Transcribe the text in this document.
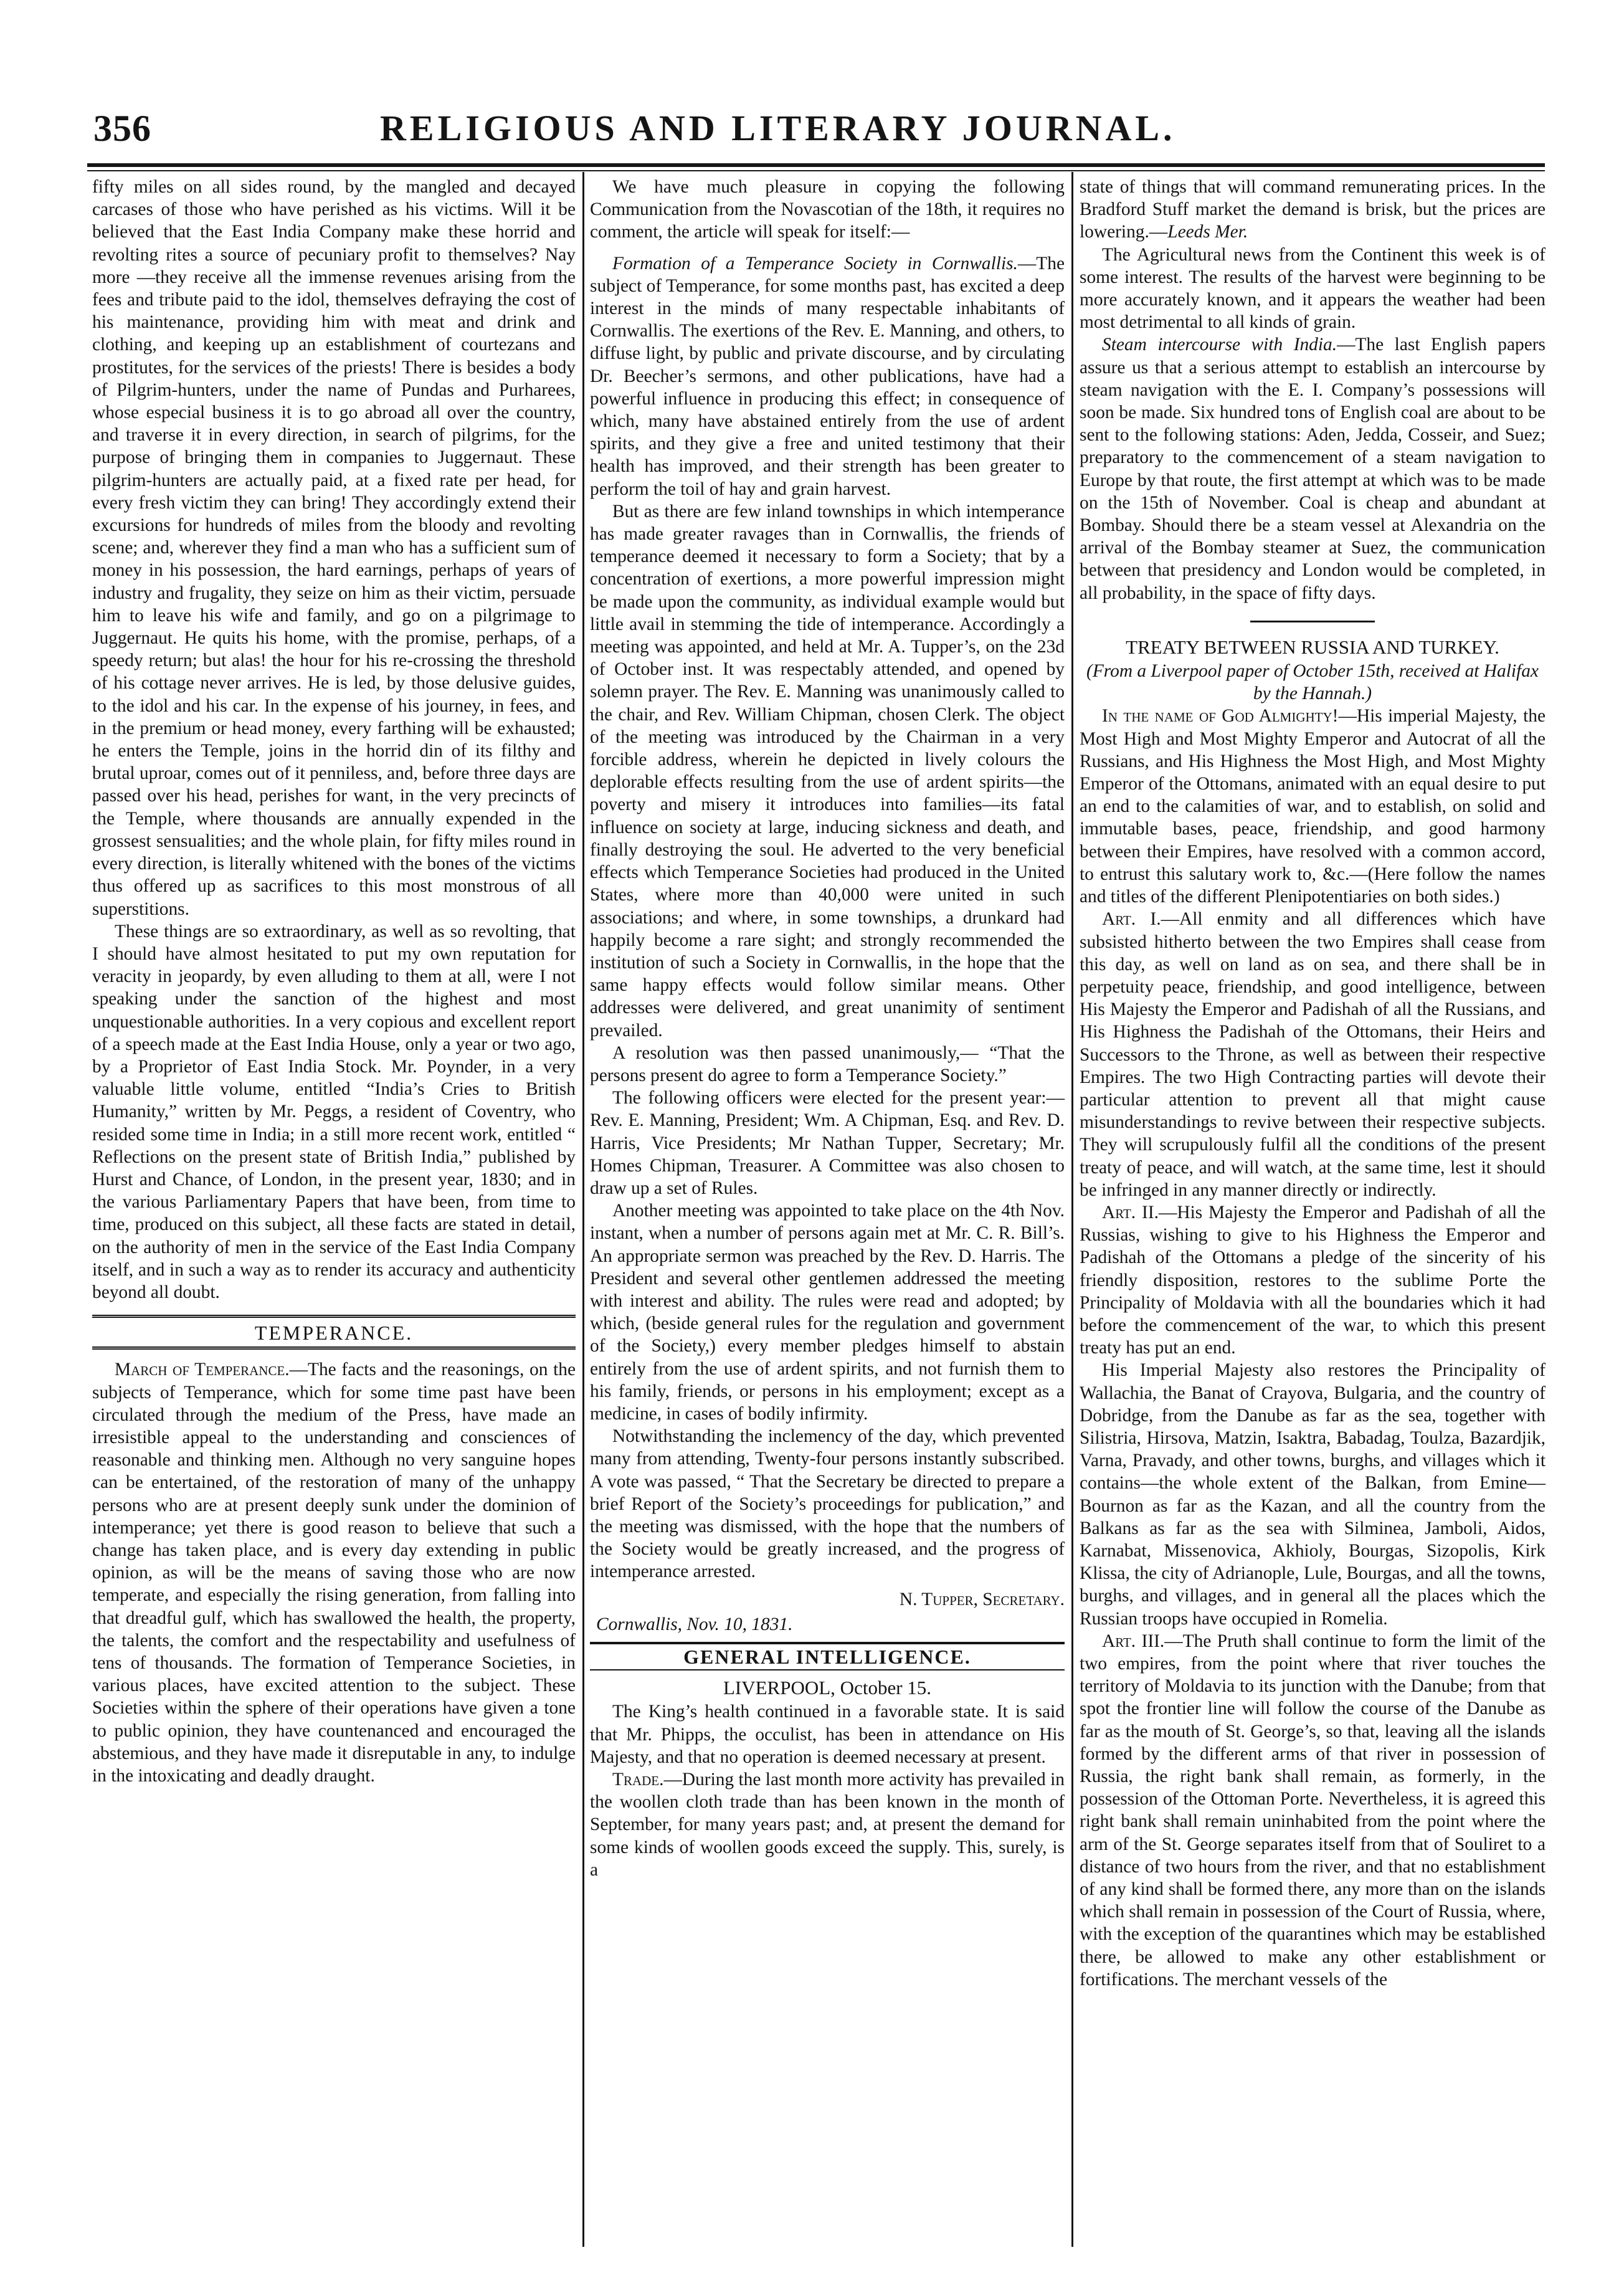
356	RELIGIOUS AND LITERARY JOURNAL.

fifty miles on all sides round, by the mangled and decayed carcases of those who have perished as his victims. Will it be believed that the East India Company make these horrid and revolting rites a source of pecuniary profit to themselves? Nay more —they receive all the immense revenues arising from the fees and tribute paid to the idol, themselves defraying the cost of his maintenance, providing him with meat and drink and clothing, and keeping up an establishment of courtezans and prostitutes, for the services of the priests! There is besides a body of Pilgrim-hunters, under the name of Pundas and Purharees, whose especial business it is to go abroad all over the country, and traverse it in every direction, in search of pilgrims, for the purpose of bringing them in companies to Juggernaut. These pilgrim-hunters are actually paid, at a fixed rate per head, for every fresh victim they can bring! They accordingly extend their excursions for hundreds of miles from the bloody and revolting scene; and, wherever they find a man who has a sufficient sum of money in his possession, the hard earnings, perhaps of years of industry and frugality, they seize on him as their victim, persuade him to leave his wife and family, and go on a pilgrimage to Juggernaut. He quits his home, with the promise, perhaps, of a speedy return; but alas! the hour for his re-crossing the threshold of his cottage never arrives. He is led, by those delusive guides, to the idol and his car. In the expense of his journey, in fees, and in the premium or head money, every farthing will be exhausted; he enters the Temple, joins in the horrid din of its filthy and brutal uproar, comes out of it penniless, and, before three days are passed over his head, perishes for want, in the very precincts of the Temple, where thousands are annually expended in the grossest sensualities; and the whole plain, for fifty miles round in every direction, is literally whitened with the bones of the victims thus offered up as sacrifices to this most monstrous of all superstitions.

These things are so extraordinary, as well as so revolting, that I should have almost hesitated to put my own reputation for veracity in jeopardy, by even alluding to them at all, were I not speaking under the sanction of the highest and most unquestionable authorities. In a very copious and excellent report of a speech made at the East India House, only a year or two ago, by a Proprietor of East India Stock. Mr. Poynder, in a very valuable little volume, entitled “India’s Cries to British Humanity,” written by Mr. Peggs, a resident of Coventry, who resided some time in India; in a still more recent work, entitled “ Reflections on the present state of British India,” published by Hurst and Chance, of London, in the present year, 1830; and in the various Parliamentary Papers that have been, from time to time, produced on this subject, all these facts are stated in detail, on the authority of men in the service of the East India Company itself, and in such a way as to render its accuracy and authenticity beyond all doubt.

TEMPERANCE.

March of Temperance.—The facts and the reasonings, on the subjects of Temperance, which for some time past have been circulated through the medium of the Press, have made an irresistible appeal to the understanding and consciences of reasonable and thinking men. Although no very sanguine hopes can be entertained, of the restoration of many of the unhappy persons who are at present deeply sunk under the dominion of intemperance; yet there is good reason to believe that such a change has taken place, and is every day extending in public opinion, as will be the means of saving those who are now temperate, and especially the rising generation, from falling into that dreadful gulf, which has swallowed the health, the property, the talents, the comfort and the respectability and usefulness of tens of thousands. The formation of Temperance Societies, in various places, have excited attention to the subject. These Societies within the sphere of their operations have given a tone to public opinion, they have countenanced and encouraged the abstemious, and they have made it disreputable in any, to indulge in the intoxicating and deadly draught.

We have much pleasure in copying the following Communication from the Novascotian of the 18th, it requires no comment, the article will speak for itself:—

Formation of a Temperance Society in Cornwallis.—The subject of Temperance, for some months past, has excited a deep interest in the minds of many respectable inhabitants of Cornwallis. The exertions of the Rev. E. Manning, and others, to diffuse light, by public and private discourse, and by circulating Dr. Beecher’s sermons, and other publications, have had a powerful influence in producing this effect; in consequence of which, many have abstained entirely from the use of ardent spirits, and they give a free and united testimony that their health has improved, and their strength has been greater to perform the toil of hay and grain harvest.

But as there are few inland townships in which intemperance has made greater ravages than in Cornwallis, the friends of temperance deemed it necessary to form a Society; that by a concentration of exertions, a more powerful impression might be made upon the community, as individual example would but little avail in stemming the tide of intemperance. Accordingly a meeting was appointed, and held at Mr. A. Tupper’s, on the 23d of October inst. It was respectably attended, and opened by solemn prayer. The Rev. E. Manning was unanimously called to the chair, and Rev. William Chipman, chosen Clerk. The object of the meeting was introduced by the Chairman in a very forcible address, wherein he depicted in lively colours the deplorable effects resulting from the use of ardent spirits—the poverty and misery it introduces into families—its fatal influence on society at large, inducing sickness and death, and finally destroying the soul. He adverted to the very beneficial effects which Temperance Societies had produced in the United States, where more than 40,000 were united in such associations; and where, in some townships, a drunkard had happily become a rare sight; and strongly recommended the institution of such a Society in Cornwallis, in the hope that the same happy effects would follow similar means. Other addresses were delivered, and great unanimity of sentiment prevailed.

A resolution was then passed unanimously,— “That the persons present do agree to form a Temperance Society.”

The following officers were elected for the present year:—Rev. E. Manning, President; Wm. A Chipman, Esq. and Rev. D. Harris, Vice Presidents; Mr Nathan Tupper, Secretary; Mr. Homes Chipman, Treasurer. A Committee was also chosen to draw up a set of Rules.

Another meeting was appointed to take place on the 4th Nov. instant, when a number of persons again met at Mr. C. R. Bill’s. An appropriate sermon was preached by the Rev. D. Harris. The President and several other gentlemen addressed the meeting with interest and ability. The rules were read and adopted; by which, (beside general rules for the regulation and government of the Society,) every member pledges himself to abstain entirely from the use of ardent spirits, and not furnish them to his family, friends, or persons in his employment; except as a medicine, in cases of bodily infirmity.

Notwithstanding the inclemency of the day, which prevented many from attending, Twenty-four persons instantly subscribed. A vote was passed, “ That the Secretary be directed to prepare a brief Report of the Society’s proceedings for publication,” and the meeting was dismissed, with the hope that the numbers of the Society would be greatly increased, and the progress of intemperance arrested.

N. Tupper, Secretary.
Cornwallis, Nov. 10, 1831.
GENERAL INTELLIGENCE.
LIVERPOOL, October 15.

The King’s health continued in a favorable state. It is said that Mr. Phipps, the occulist, has been in attendance on His Majesty, and that no operation is deemed necessary at present.

Trade.—During the last month more activity has prevailed in the woollen cloth trade than has been known in the month of September, for many years past; and, at present the demand for some kinds of woollen goods exceed the supply. This, surely, is a

state of things that will command remunerating prices. In the Bradford Stuff market the demand is brisk, but the prices are lowering.—Leeds Mer.

The Agricultural news from the Continent this week is of some interest. The results of the harvest were beginning to be more accurately known, and it appears the weather had been most detrimental to all kinds of grain.

Steam intercourse with India.—The last English papers assure us that a serious attempt to establish an intercourse by steam navigation with the E. I. Company’s possessions will soon be made. Six hundred tons of English coal are about to be sent to the following stations: Aden, Jedda, Cosseir, and Suez; preparatory to the commencement of a steam navigation to Europe by that route, the first attempt at which was to be made on the 15th of November. Coal is cheap and abundant at Bombay. Should there be a steam vessel at Alexandria on the arrival of the Bombay steamer at Suez, the communication between that presidency and London would be completed, in all probability, in the space of fifty days.

TREATY BETWEEN RUSSIA AND TURKEY.

(From a Liverpool paper of October 15th, received at Halifax by the Hannah.)

In the name of God Almighty!—His imperial Majesty, the Most High and Most Mighty Emperor and Autocrat of all the Russians, and His Highness the Most High, and Most Mighty Emperor of the Ottomans, animated with an equal desire to put an end to the calamities of war, and to establish, on solid and immutable bases, peace, friendship, and good harmony between their Empires, have resolved with a common accord, to entrust this salutary work to, &c.—(Here follow the names and titles of the different Plenipotentiaries on both sides.)

Art. I.—All enmity and all differences which have subsisted hitherto between the two Empires shall cease from this day, as well on land as on sea, and there shall be in perpetuity peace, friendship, and good intelligence, between His Majesty the Emperor and Padishah of all the Russians, and His Highness the Padishah of the Ottomans, their Heirs and Successors to the Throne, as well as between their respective Empires. The two High Contracting parties will devote their particular attention to prevent all that might cause misunderstandings to revive between their respective subjects. They will scrupulously fulfil all the conditions of the present treaty of peace, and will watch, at the same time, lest it should be infringed in any manner directly or indirectly.

Art. II.—His Majesty the Emperor and Padishah of all the Russias, wishing to give to his Highness the Emperor and Padishah of the Ottomans a pledge of the sincerity of his friendly disposition, restores to the sublime Porte the Principality of Moldavia with all the boundaries which it had before the commencement of the war, to which this present treaty has put an end.

His Imperial Majesty also restores the Principality of Wallachia, the Banat of Crayova, Bulgaria, and the country of Dobridge, from the Danube as far as the sea, together with Silistria, Hirsova, Matzin, Isaktra, Babadag, Toulza, Bazardjik, Varna, Pravady, and other towns, burghs, and villages which it contains—the whole extent of the Balkan, from Emine—Bournon as far as the Kazan, and all the country from the Balkans as far as the sea with Silminea, Jamboli, Aidos, Karnabat, Missenovica, Akhioly, Bourgas, Sizopolis, Kirk Klissa, the city of Adrianople, Lule, Bourgas, and all the towns, burghs, and villages, and in general all the places which the Russian troops have occupied in Romelia.

Art. III.—The Pruth shall continue to form the limit of the two empires, from the point where that river touches the territory of Moldavia to its junction with the Danube; from that spot the frontier line will follow the course of the Danube as far as the mouth of St. George’s, so that, leaving all the islands formed by the different arms of that river in possession of Russia, the right bank shall remain, as formerly, in the possession of the Ottoman Porte. Nevertheless, it is agreed this right bank shall remain uninhabited from the point where the arm of the St. George separates itself from that of Souliret to a distance of two hours from the river, and that no establishment of any kind shall be formed there, any more than on the islands which shall remain in possession of the Court of Russia, where, with the exception of the quarantines which may be established there, be allowed to make any other establishment or fortifications. The merchant vessels of the
